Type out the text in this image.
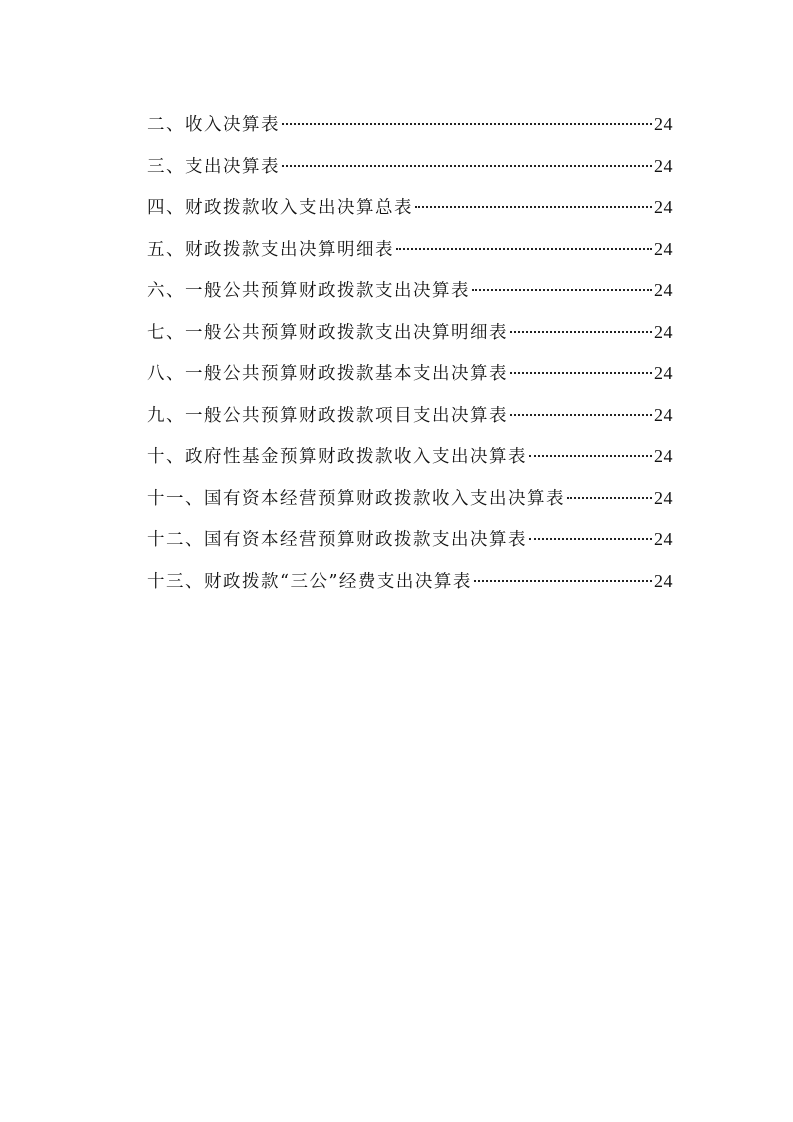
二、收入决算表	24
三、支出决算表	24
四、财政拨款收入支出决算总表	24
五、财政拨款支出决算明细表	24
六、一般公共预算财政拨款支出决算表	24
七、一般公共预算财政拨款支出决算明细表	24
八、一般公共预算财政拨款基本支出决算表	24
九、一般公共预算财政拨款项目支出决算表	24
十、政府性基金预算财政拨款收入支出决算表	24
十一、国有资本经营预算财政拨款收入支出决算表	24
十二、国有资本经营预算财政拨款支出决算表	24
十三、财政拨款“三公”经费支出决算表	24
